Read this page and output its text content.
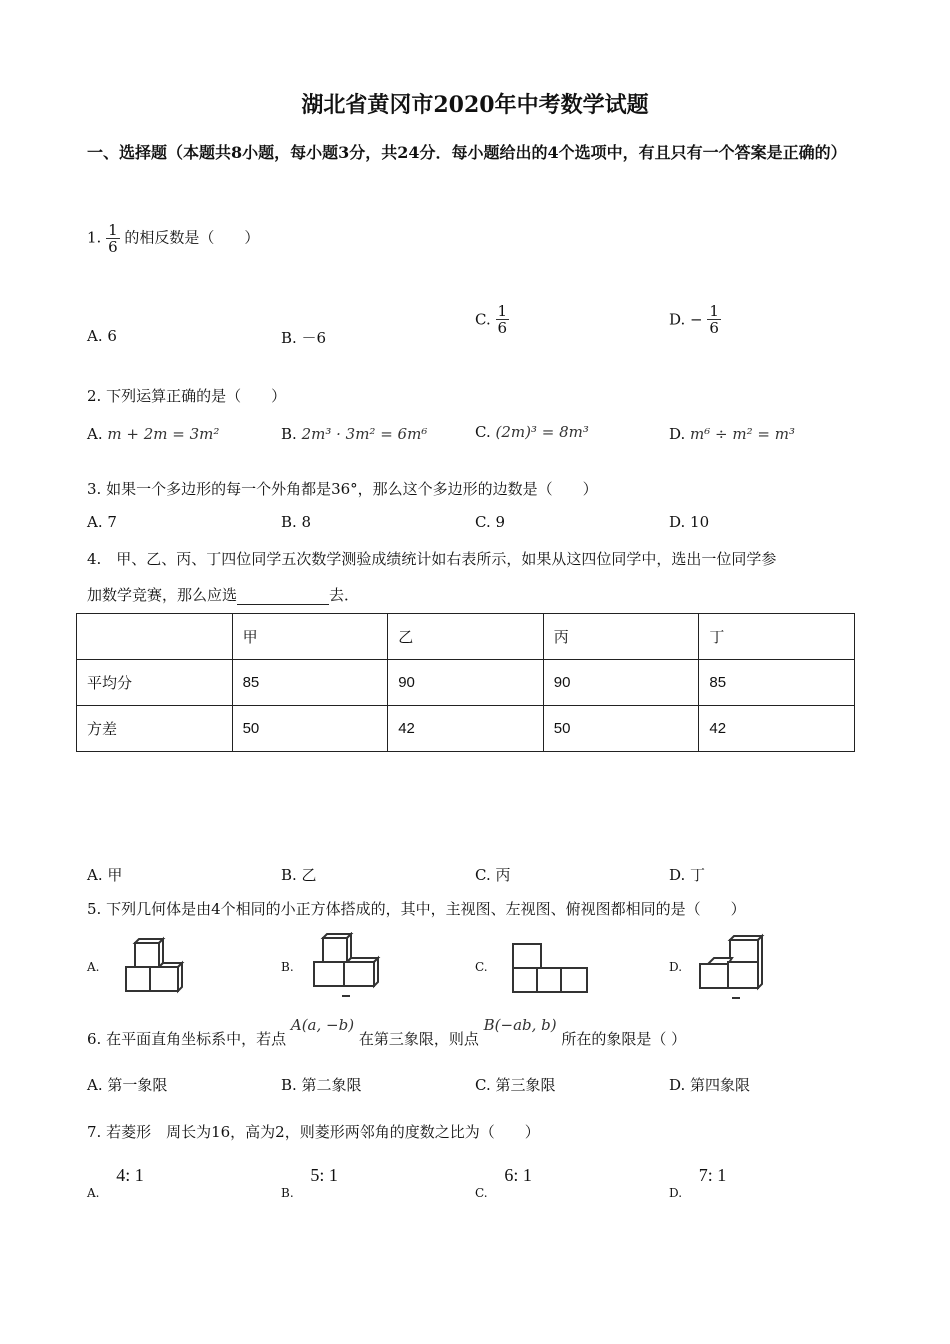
湖北省黄冈市2020年中考数学试题
一、选择题（本题共8小题，每小题3分，共24分．每小题给出的4个选项中，有且只有一个答案是正确的）
1. $\frac{1}{6}$ 的相反数是（　　）
A. 6	B. －6
C. $\frac{1}{6}$	D. − $\frac{1}{6}$
2. 下列运算正确的是（　　）
A. m + 2m = 3m²	B. 2m³ · 3m² = 6m⁶	C. (2m)³ = 8m³	D. m⁶ ÷ m² = m³
3. 如果一个多边形的每一个外角都是36°，那么这个多边形的边数是（　　）
A. 7	B. 8	C. 9	D. 10
4.　甲、乙、丙、丁四位同学五次数学测验成绩统计如右表所示，如果从这四位同学中，选出一位同学参
加数学竞赛，那么应选	去．
	甲	乙	丙	丁
平均分	85	90	90	85
方差	50	42	50	42
A. 甲	B. 乙	C. 丙	D. 丁
5. 下列几何体是由4个相同的小正方体搭成的，其中，主视图、左视图、俯视图都相同的是（　　）
A.	B.	C.	D.
6. 在平面直角坐标系中，若点 A(a, −b) 在第三象限，则点 B(−ab, b) 所在的象限是（ ）
A. 第一象限	B. 第二象限	C. 第三象限	D. 第四象限
7. 若菱形　周长为16，高为2，则菱形两邻角的度数之比为（　　）
$_{A.}$ 4: 1
$_{B.}$ 5: 1
$_{C.}$ 6: 1
$_{D.}$ 7: 1
